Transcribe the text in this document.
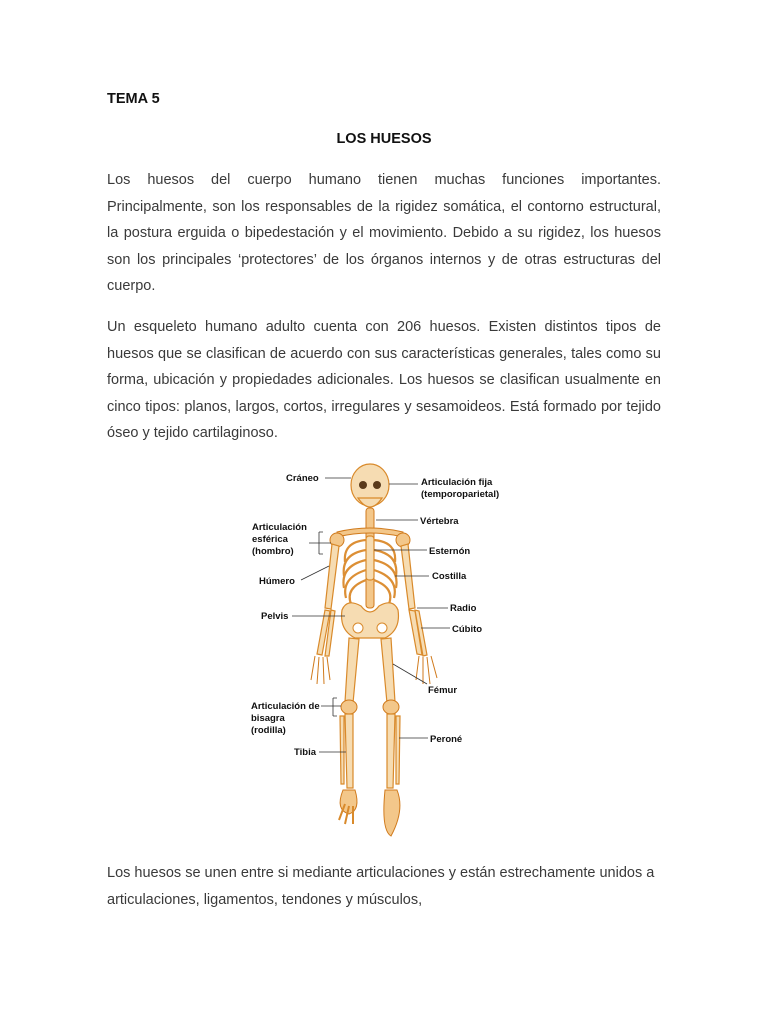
TEMA 5

LOS HUESOS

Los huesos del cuerpo humano tienen muchas funciones importantes. Principalmente, son los responsables de la rigidez somática, el contorno estructural, la postura erguida o bipedestación y el movimiento. Debido a su rigidez, los huesos son los principales ‘protectores’ de los órganos internos y de otras estructuras del cuerpo.

Un esqueleto humano adulto cuenta con 206 huesos. Existen distintos tipos de huesos que se clasifican de acuerdo con sus características generales, tales como su forma, ubicación y propiedades adicionales. Los huesos se clasifican usualmente en cinco tipos: planos, largos, cortos, irregulares y sesamoideos. Está formado por tejido óseo y tejido cartilaginoso.

Cráneo	Articulación fija
(temporoparietal)
Vértebra
Articulación
esférica
(hombro)	Esternón
Húmero	Costilla
Radio
Pelvis
Cúbito
Fémur
Articulación de
bisagra
(rodilla)
Peroné
Tibia

Los huesos se unen entre si mediante articulaciones y están estrechamente unidos a articulaciones, ligamentos, tendones y músculos,
